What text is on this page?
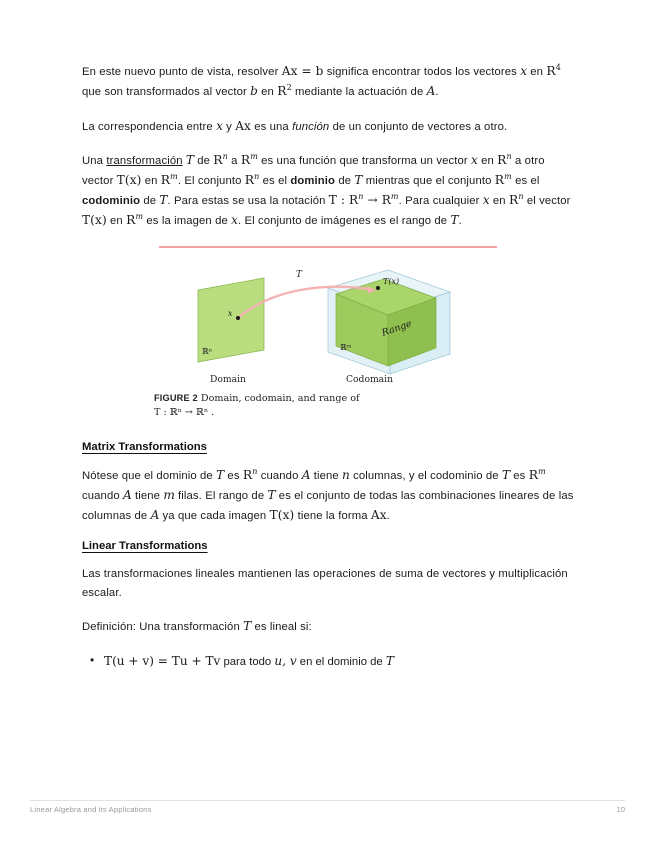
En este nuevo punto de vista, resolver Ax = b significa encontrar todos los vectores x en $R^4$ que son transformados al vector b en $R^2$ mediante la actuación de A.

La correspondencia entre x y Ax es una función de un conjunto de vectores a otro.

Una transformación T de $R^n$ a $R^m$ es una función que transforma un vector x en $R^n$ a otro vector T(x) en $R^m$. El conjunto $R^n$ es el dominio de T mientras que el conjunto $R^m$ es el codominio de T. Para estas se usa la notación T : $R^n \to R^m$. Para cualquier x en $R^n$ el vector T(x) en $R^m$ es la imagen de x. El conjunto de imágenes es el rango de T.

T
x
T(x)
Range
ℝⁿ	ℝᵐ
Domain	Codomain
FIGURE 2 Domain, codomain, and range of
T : ℝⁿ → ℝⁿ .
Matrix Transformations

Nótese que el dominio de T es $R^n$ cuando A tiene n columnas, y el codominio de T es $R^m$ cuando A tiene m filas. El rango de T es el conjunto de todas las combinaciones lineares de las columnas de A ya que cada imagen T(x) tiene la forma Ax.

Linear Transformations

Las transformaciones lineales mantienen las operaciones de suma de vectores y multiplicación escalar.

Definición: Una transformación T es lineal si:

• T(u + v) = Tu + Tv para todo u, v en el dominio de T
Linear Algebra and its Applications	10
